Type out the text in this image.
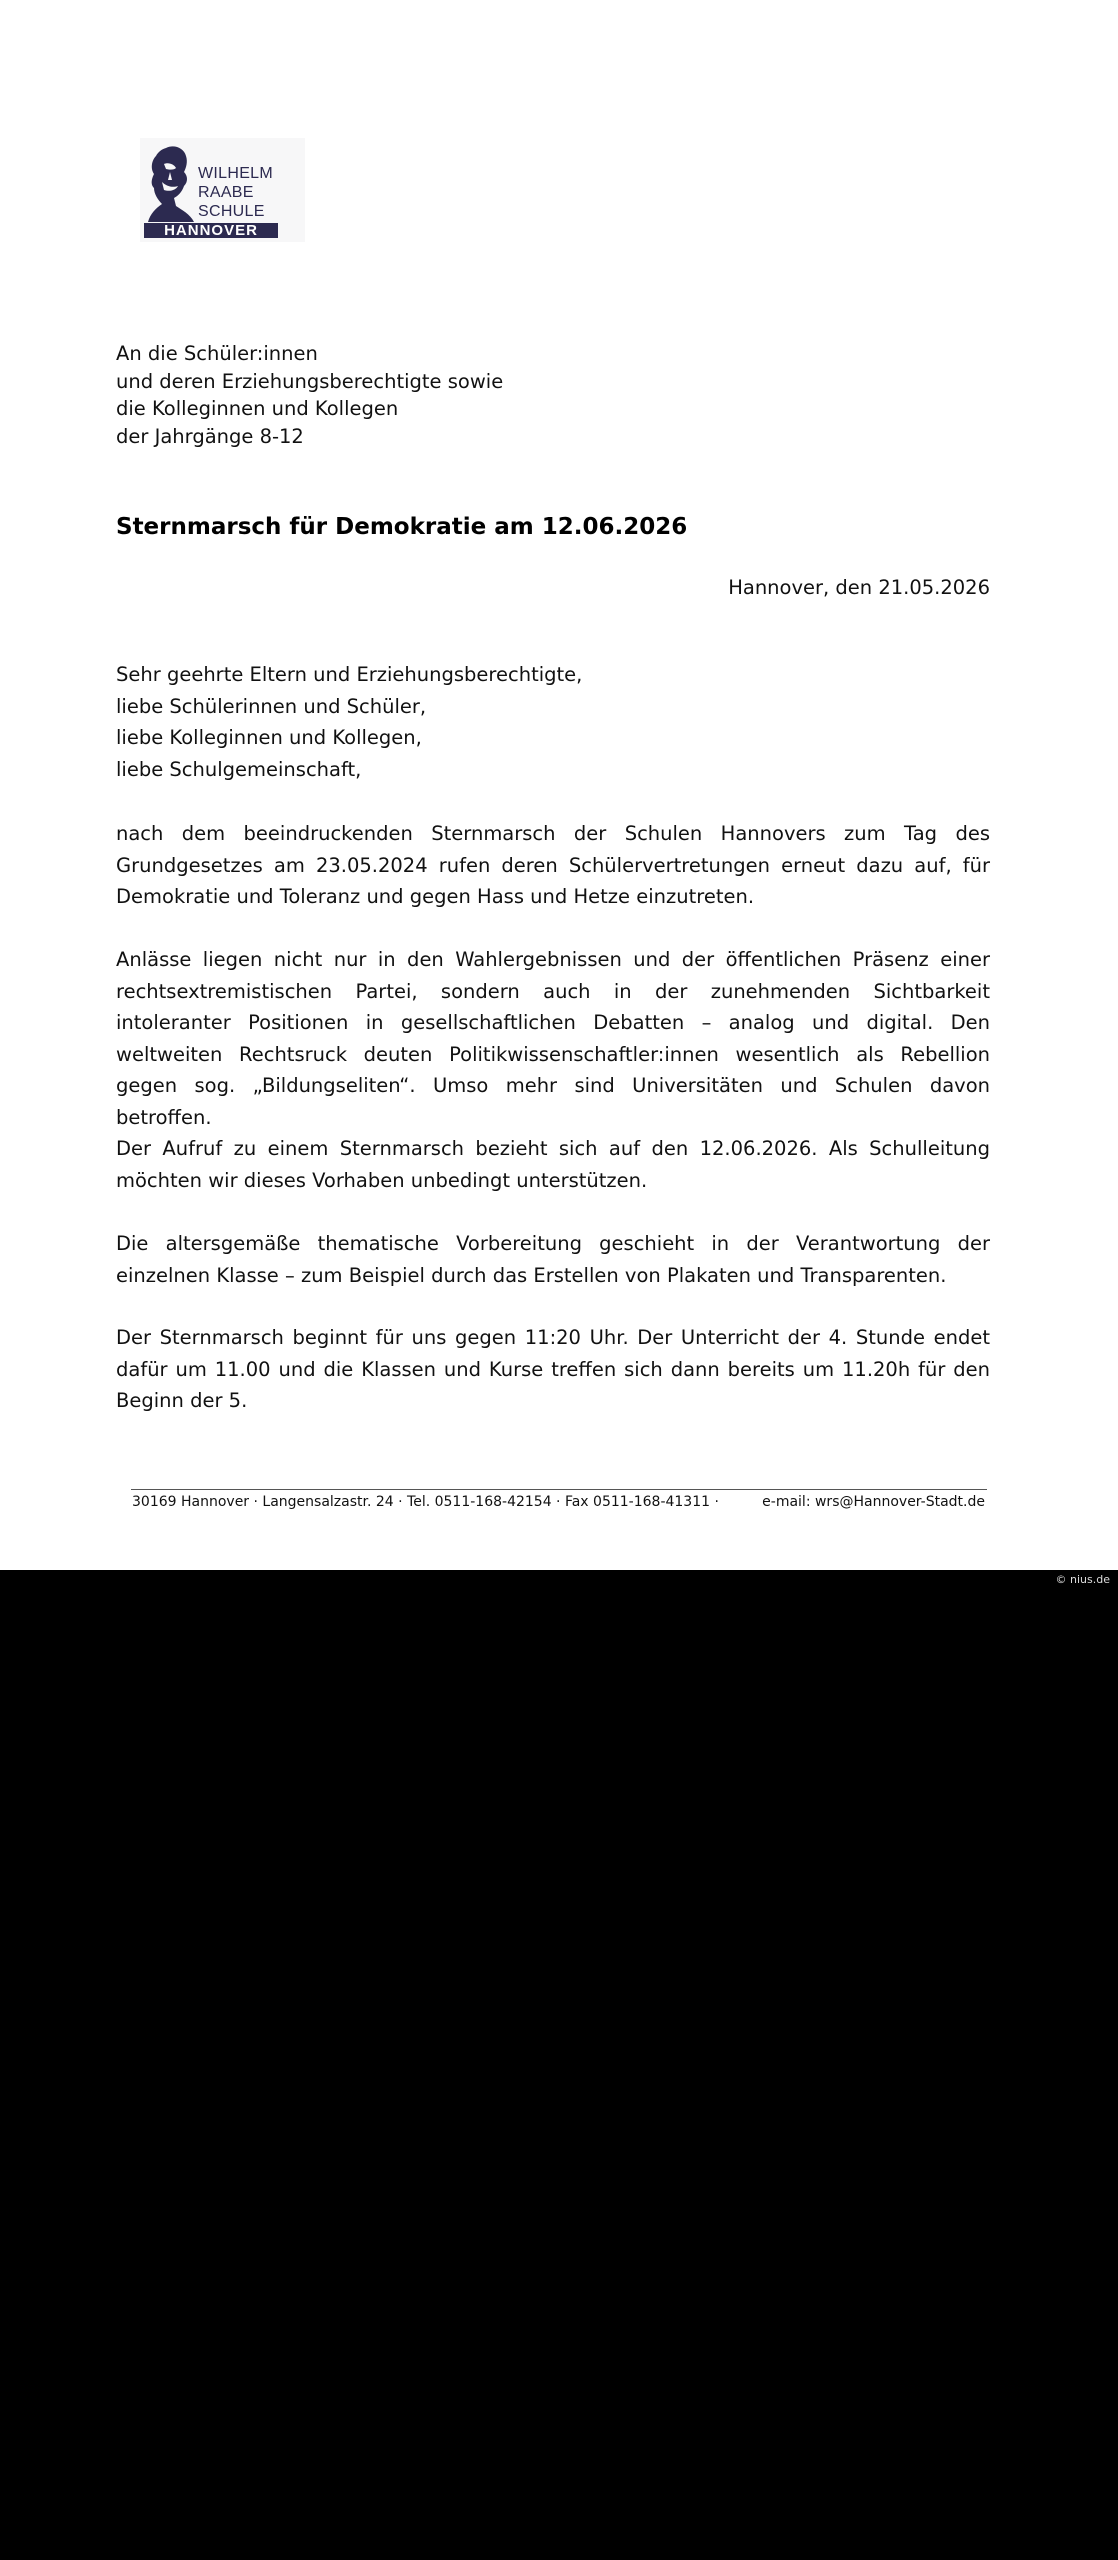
WILHELM
RAABE
SCHULE
HANNOVER
An die Schüler:innen
und deren Erziehungsberechtigte sowie
die Kolleginnen und Kollegen
der Jahrgänge 8-12
Sternmarsch für Demokratie am 12.06.2026
Hannover, den 21.05.2026
Sehr geehrte Eltern und Erziehungsberechtigte,
liebe Schülerinnen und Schüler,
liebe Kolleginnen und Kollegen,
liebe Schulgemeinschaft,

nach dem beeindruckenden Sternmarsch der Schulen Hannovers zum Tag des Grundgesetzes am 23.05.2024 rufen deren Schülervertretungen erneut dazu auf, für Demokratie und Toleranz und gegen Hass und Hetze einzutreten.

Anlässe liegen nicht nur in den Wahlergebnissen und der öffentlichen Präsenz einer rechtsextremistischen Partei, sondern auch in der zunehmenden Sichtbarkeit intoleranter Positionen in gesellschaftlichen Debatten – analog und digital. Den weltweiten Rechtsruck deuten Politikwissenschaftler:innen wesentlich als Rebellion gegen sog. „Bildungseliten“. Umso mehr sind Universitäten und Schulen davon betroffen.

Der Aufruf zu einem Sternmarsch bezieht sich auf den 12.06.2026. Als Schulleitung möchten wir dieses Vorhaben unbedingt unterstützen.

Die altersgemäße thematische Vorbereitung geschieht in der Verantwortung der einzelnen Klasse – zum Beispiel durch das Erstellen von Plakaten und Transparenten.

Der Sternmarsch beginnt für uns gegen 11:20 Uhr. Der Unterricht der 4. Stunde endet dafür um 11.00 und die Klassen und Kurse treffen sich dann bereits um 11.20h für den Beginn der 5.

30169 Hannover · Langensalzastr. 24 · Tel. 0511-168-42154 · Fax 0511-168-41311 ·	e-mail: wrs@Hannover-Stadt.de
© nius.de
